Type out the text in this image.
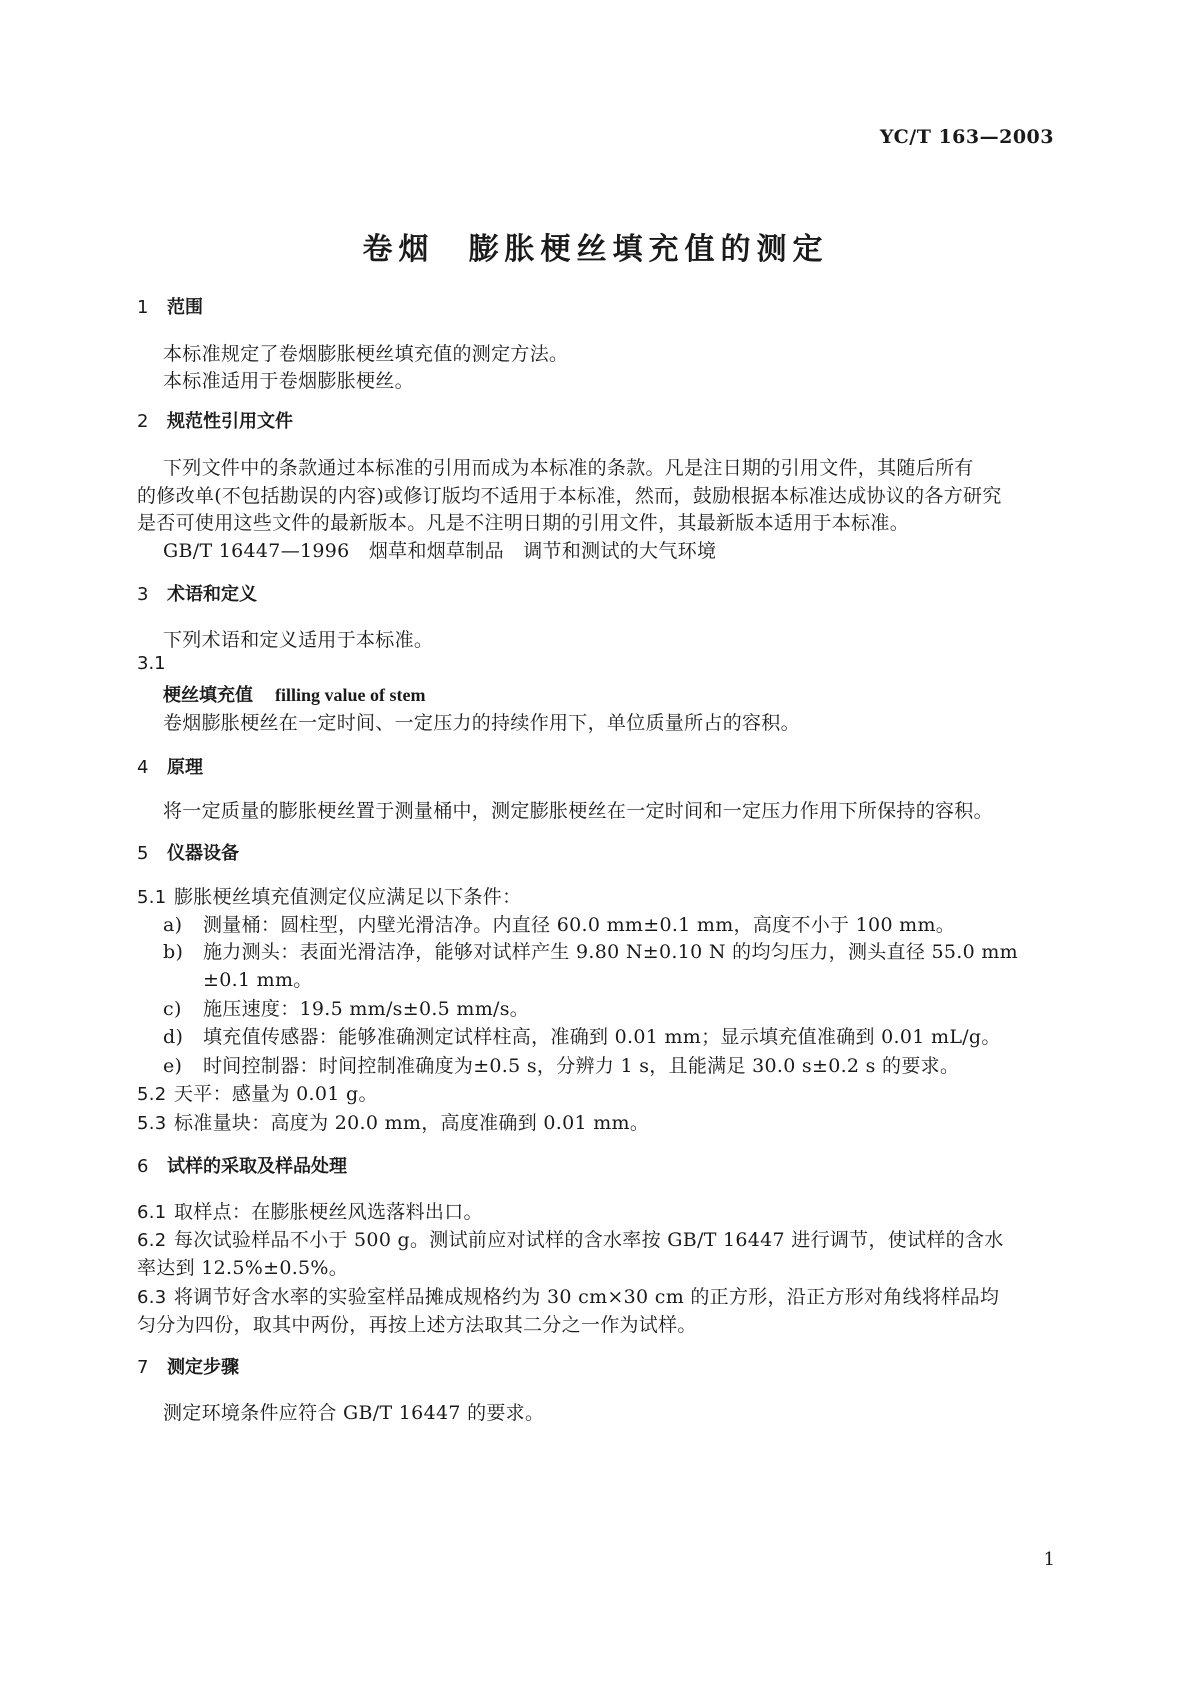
YC/T 163—2003
卷烟 膨胀梗丝填充值的测定
1 范围
本标准规定了卷烟膨胀梗丝填充值的测定方法。
本标准适用于卷烟膨胀梗丝。
2 规范性引用文件
下列文件中的条款通过本标准的引用而成为本标准的条款。凡是注日期的引用文件，其随后所有
的修改单(不包括勘误的内容)或修订版均不适用于本标准，然而，鼓励根据本标准达成协议的各方研究
是否可使用这些文件的最新版本。凡是不注明日期的引用文件，其最新版本适用于本标准。
GB/T 16447—1996　烟草和烟草制品　调节和测试的大气环境
3 术语和定义
下列术语和定义适用于本标准。
3.1
梗丝填充值 filling value of stem
卷烟膨胀梗丝在一定时间、一定压力的持续作用下，单位质量所占的容积。
4 原理
将一定质量的膨胀梗丝置于测量桶中，测定膨胀梗丝在一定时间和一定压力作用下所保持的容积。
5 仪器设备
5.1 膨胀梗丝填充值测定仪应满足以下条件：
a) 测量桶：圆柱型，内壁光滑洁净。内直径 60.0 mm±0.1 mm，高度不小于 100 mm。
b) 施力测头：表面光滑洁净，能够对试样产生 9.80 N±0.10 N 的均匀压力，测头直径 55.0 mm
±0.1 mm。
c) 施压速度：19.5 mm/s±0.5 mm/s。
d) 填充值传感器：能够准确测定试样柱高，准确到 0.01 mm；显示填充值准确到 0.01 mL/g。
e) 时间控制器：时间控制准确度为±0.5 s，分辨力 1 s，且能满足 30.0 s±0.2 s 的要求。
5.2 天平：感量为 0.01 g。
5.3 标准量块：高度为 20.0 mm，高度准确到 0.01 mm。
6 试样的采取及样品处理
6.1 取样点：在膨胀梗丝风选落料出口。
6.2 每次试验样品不小于 500 g。测试前应对试样的含水率按 GB/T 16447 进行调节，使试样的含水
率达到 12.5%±0.5%。
6.3 将调节好含水率的实验室样品摊成规格约为 30 cm×30 cm 的正方形，沿正方形对角线将样品均
匀分为四份，取其中两份，再按上述方法取其二分之一作为试样。
7 测定步骤
测定环境条件应符合 GB/T 16447 的要求。
1
